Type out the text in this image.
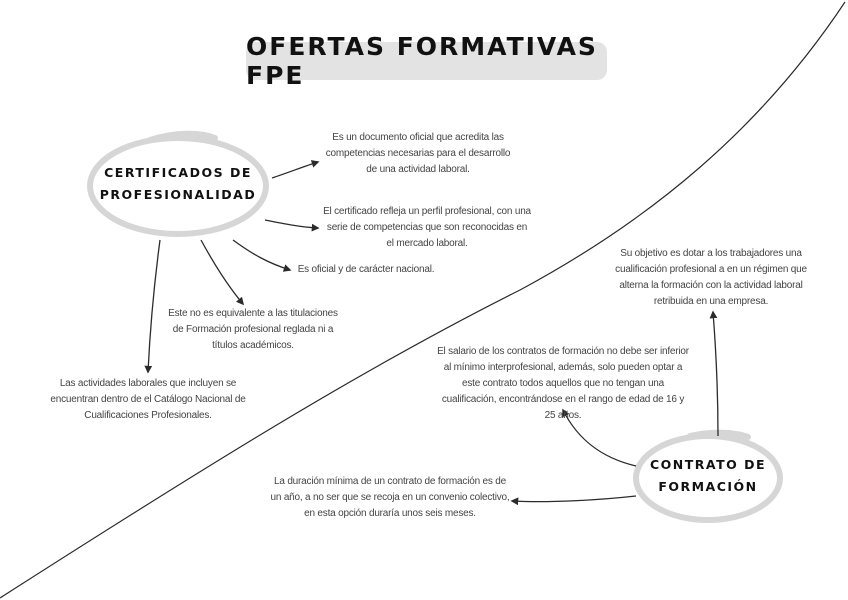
OFERTAS FORMATIVAS FPE
CERTIFICADOS DE
PROFESIONALIDAD
CONTRATO DE
FORMACIÓN
Es un documento oficial que acredita las competencias necesarias para el desarrollo de una actividad laboral.
El certificado refleja un perfil profesional, con una serie de competencias que son reconocidas en el mercado laboral.
Es oficial y de carácter nacional.
Este no es equivalente a las titulaciones de Formación profesional reglada ni a títulos académicos.
Las actividades laborales que incluyen se encuentran dentro de el Catálogo Nacional de Cualificaciones Profesionales.
Su objetivo es dotar a los trabajadores una cualificación profesional a en un régimen que alterna la formación con la actividad laboral retribuida en una empresa.
El salario de los contratos de formación no debe ser inferior al mínimo interprofesional, además, solo pueden optar a este contrato todos aquellos que no tengan una cualificación, encontrándose en el rango de edad de 16 y 25 años.
La duración mínima de un contrato de formación es de un año, a no ser que se recoja en un convenio colectivo, en esta opción duraría unos seis meses.
